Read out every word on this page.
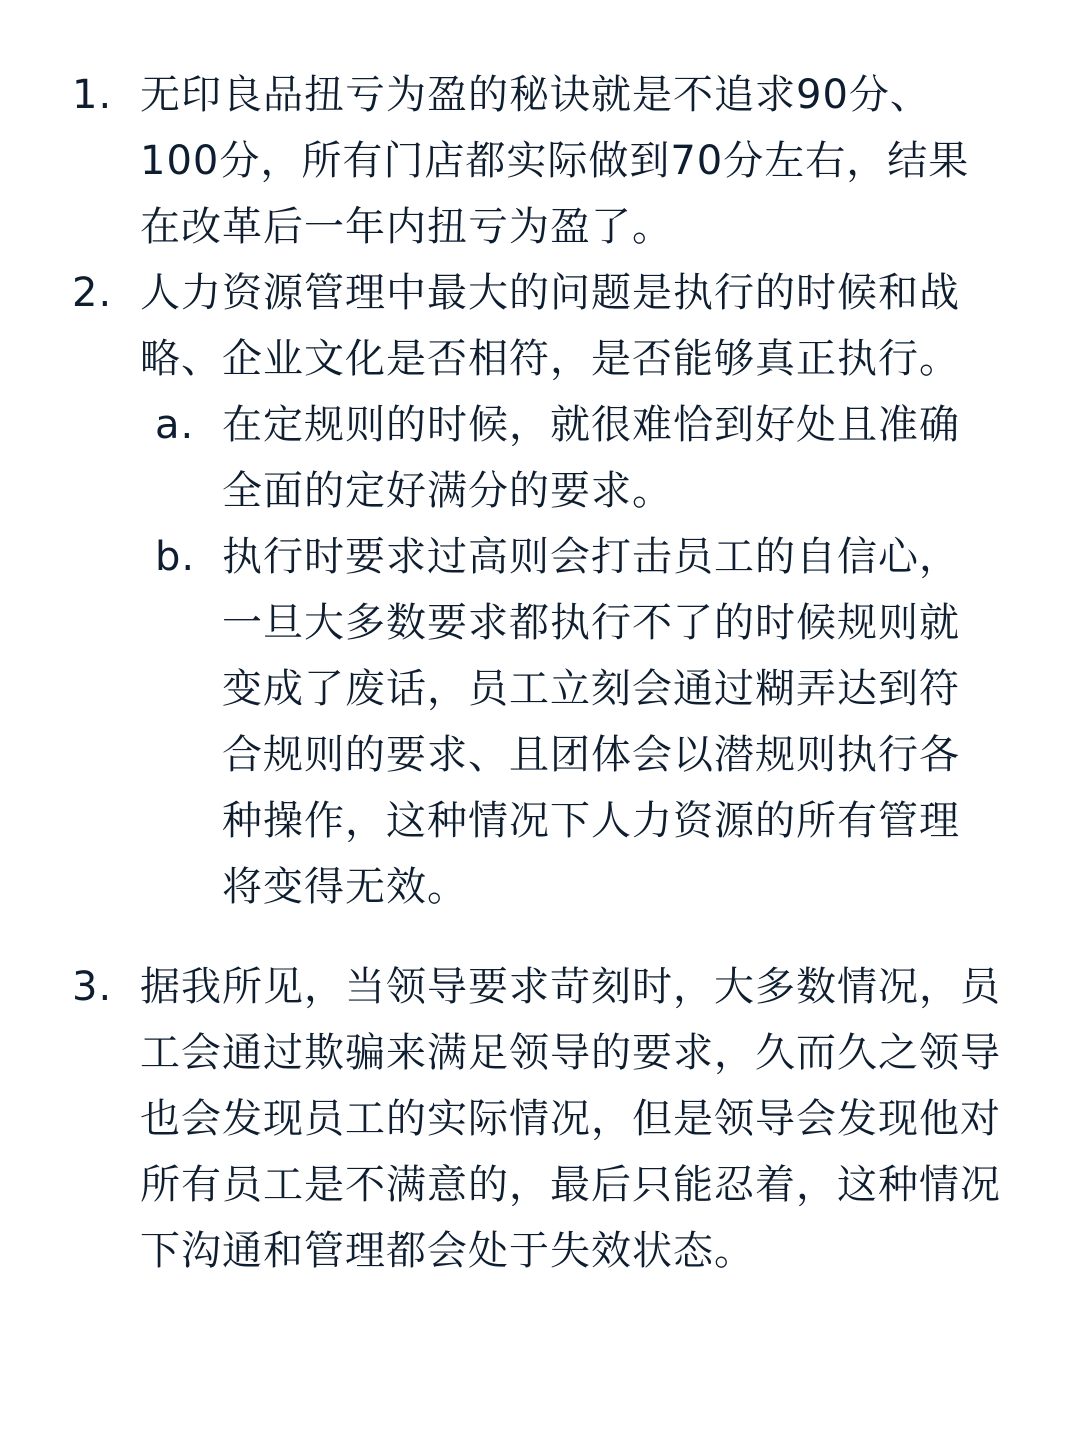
1. 无印良品扭亏为盈的秘诀就是不追求90分、100分，所有门店都实际做到70分左右，结果在改革后一年内扭亏为盈了。
2. 人力资源管理中最大的问题是执行的时候和战略、企业文化是否相符，是否能够真正执行。
a. 在定规则的时候，就很难恰到好处且准确全面的定好满分的要求。
b. 执行时要求过高则会打击员工的自信心，一旦大多数要求都执行不了的时候规则就变成了废话，员工立刻会通过糊弄达到符合规则的要求、且团体会以潜规则执行各种操作，这种情况下人力资源的所有管理将变得无效。
3. 据我所见，当领导要求苛刻时，大多数情况，员工会通过欺骗来满足领导的要求，久而久之领导也会发现员工的实际情况，但是领导会发现他对所有员工是不满意的，最后只能忍着，这种情况下沟通和管理都会处于失效状态。
